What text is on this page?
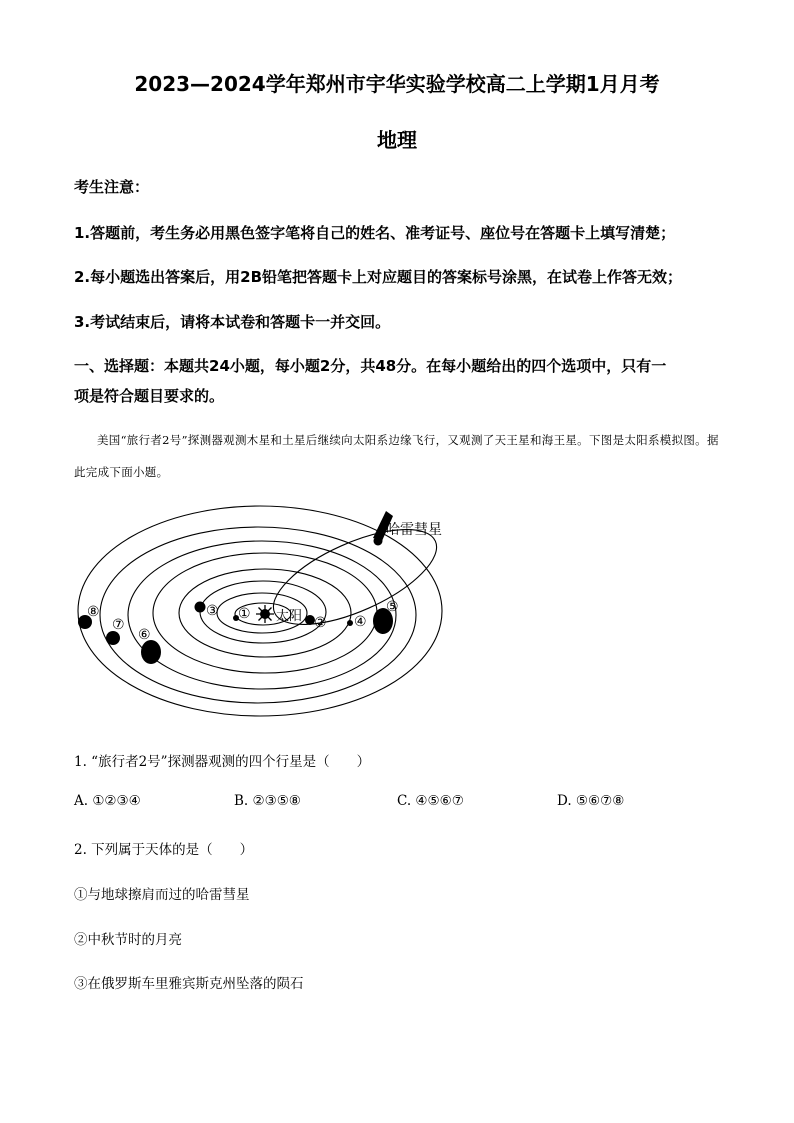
2023—2024学年郑州市宇华实验学校高二上学期1月月考
地理
考生注意：
1.答题前，考生务必用黑色签字笔将自己的姓名、准考证号、座位号在答题卡上填写清楚；
2.每小题选出答案后，用2B铅笔把答题卡上对应题目的答案标号涂黑，在试卷上作答无效；
3.考试结束后，请将本试卷和答题卡一并交回。
一、选择题：本题共24小题，每小题2分，共48分。在每小题给出的四个选项中，只有一
项是符合题目要求的。
美国“旅行者2号”探测器观测木星和土星后继续向太阳系边缘飞行，又观测了天王星和海王星。下图是太阳系模拟图。据此完成下面小题。
太阳
①
②
③
④
⑤
⑥
⑦
⑧
哈雷彗星
1. “旅行者2号”探测器观测的四个行星是（　　）
A. ①②③④	B. ②③⑤⑧	C. ④⑤⑥⑦	D. ⑤⑥⑦⑧
2. 下列属于天体的是（　　）
①与地球擦肩而过的哈雷彗星
②中秋节时的月亮
③在俄罗斯车里雅宾斯克州坠落的陨石
